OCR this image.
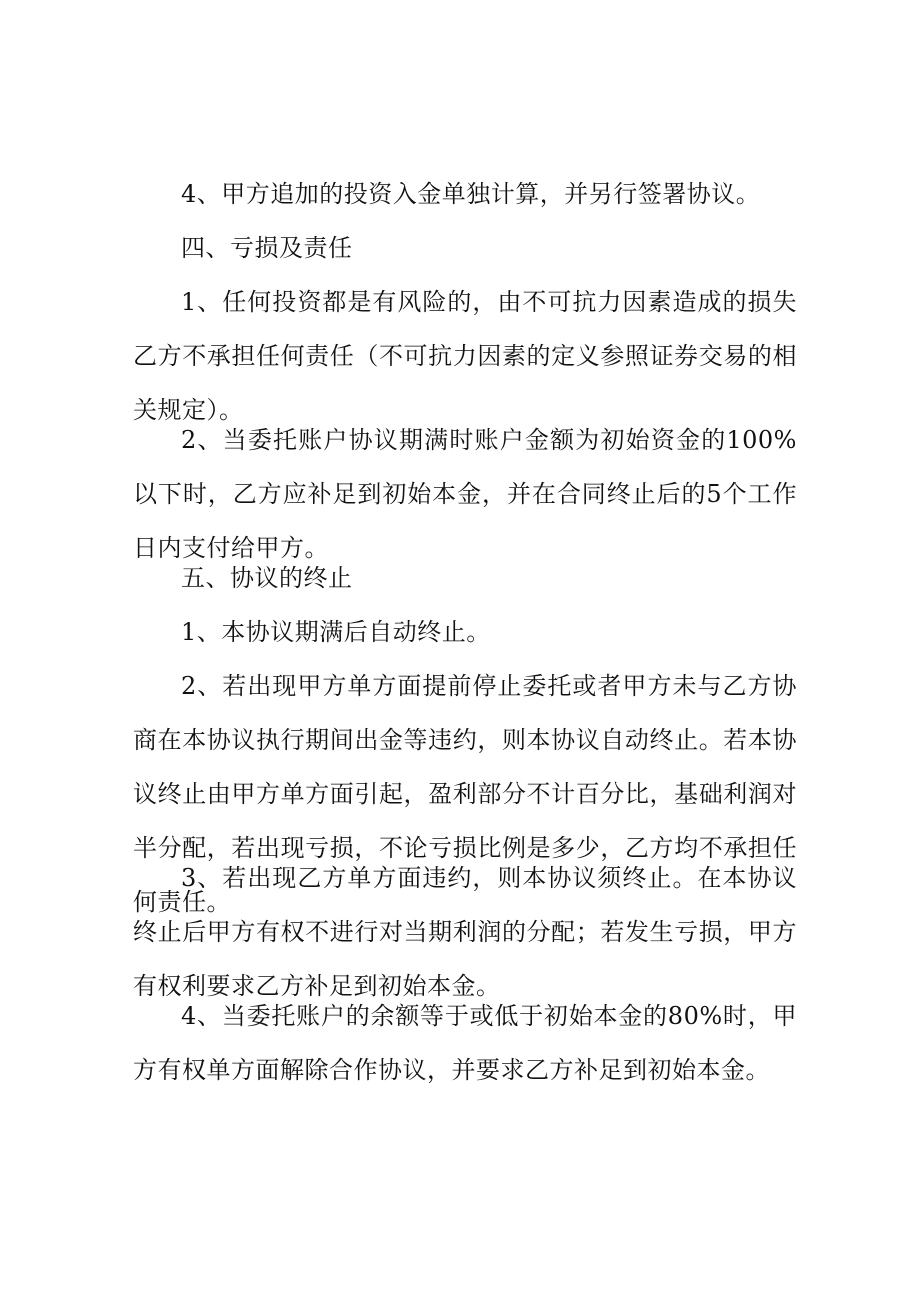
4、甲方追加的投资入金单独计算，并另行签署协议。

四、亏损及责任

1、任何投资都是有风险的，由不可抗力因素造成的损失乙方不承担任何责任（不可抗力因素的定义参照证券交易的相关规定）。

2、当委托账户协议期满时账户金额为初始资金的100%以下时，乙方应补足到初始本金，并在合同终止后的5个工作日内支付给甲方。

五、协议的终止

1、本协议期满后自动终止。

2、若出现甲方单方面提前停止委托或者甲方未与乙方协商在本协议执行期间出金等违约，则本协议自动终止。若本协议终止由甲方单方面引起，盈利部分不计百分比，基础利润对半分配，若出现亏损，不论亏损比例是多少，乙方均不承担任何责任。

3、若出现乙方单方面违约，则本协议须终止。在本协议终止后甲方有权不进行对当期利润的分配；若发生亏损，甲方有权利要求乙方补足到初始本金。

4、当委托账户的余额等于或低于初始本金的80%时，甲方有权单方面解除合作协议，并要求乙方补足到初始本金。
